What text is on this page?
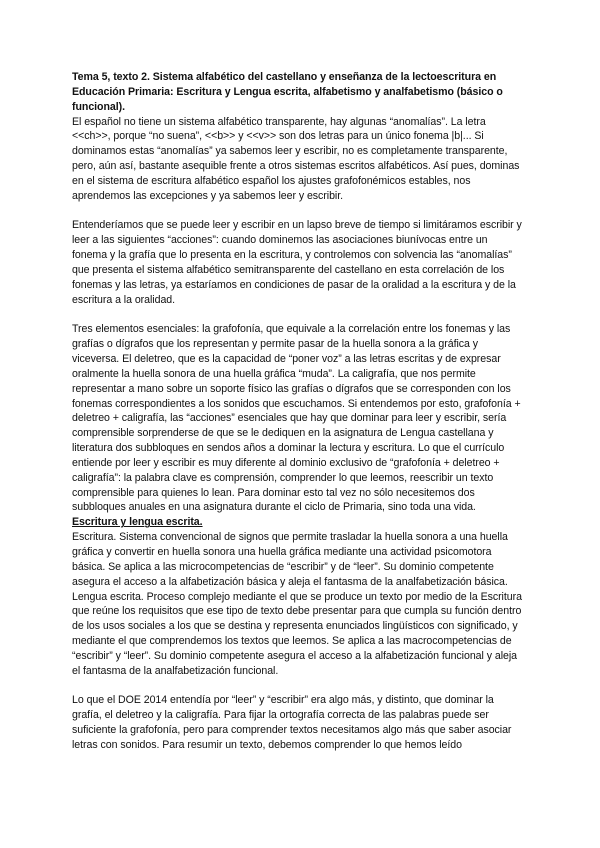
Tema 5, texto 2. Sistema alfabético del castellano y enseñanza de la lectoescritura en Educación Primaria: Escritura y Lengua escrita, alfabetismo y analfabetismo (básico o funcional).

El español no tiene un sistema alfabético transparente, hay algunas “anomalías”. La letra <<ch>>, porque “no suena”, <<b>> y <<v>> son dos letras para un único fonema |b|... Si dominamos estas “anomalías” ya sabemos leer y escribir, no es completamente transparente, pero, aún así, bastante asequible frente a otros sistemas escritos alfabéticos. Así pues, dominas en el sistema de escritura alfabético español los ajustes grafofonémicos estables, nos aprendemos las excepciones y ya sabemos leer y escribir.

Entenderíamos que se puede leer y escribir en un lapso breve de tiempo si limitáramos escribir y leer a las siguientes “acciones”: cuando dominemos las asociaciones biunívocas entre un fonema y la grafía que lo presenta en la escritura, y controlemos con solvencia las “anomalías” que presenta el sistema alfabético semitransparente del castellano en esta correlación de los fonemas y las letras, ya estaríamos en condiciones de pasar de la oralidad a la escritura y de la escritura a la oralidad.

Tres elementos esenciales: la grafofonía, que equivale a la correlación entre los fonemas y las grafías o dígrafos que los representan y permite pasar de la huella sonora a la gráfica y viceversa. El deletreo, que es la capacidad de “poner voz” a las letras escritas y de expresar oralmente la huella sonora de una huella gráfica “muda”. La caligrafía, que nos permite representar a mano sobre un soporte físico las grafías o dígrafos que se corresponden con los fonemas correspondientes a los sonidos que escuchamos. Si entendemos por esto, grafofonía + deletreo + caligrafía, las “acciones” esenciales que hay que dominar para leer y escribir, sería comprensible sorprenderse de que se le dediquen en la asignatura de Lengua castellana y literatura dos subbloques en sendos años a dominar la lectura y escritura. Lo que el currículo entiende por leer y escribir es muy diferente al dominio exclusivo de “grafofonía + deletreo + caligrafía”: la palabra clave es comprensión, comprender lo que leemos, reescribir un texto comprensible para quienes lo lean. Para dominar esto tal vez no sólo necesitemos dos subbloques anuales en una asignatura durante el ciclo de Primaria, sino toda una vida.

Escritura y lengua escrita.

Escritura. Sistema convencional de signos que permite trasladar la huella sonora a una huella gráfica y convertir en huella sonora una huella gráfica mediante una actividad psicomotora básica. Se aplica a las microcompetencias de “escribir” y de “leer”. Su dominio competente asegura el acceso a la alfabetización básica y aleja el fantasma de la analfabetización básica.

Lengua escrita. Proceso complejo mediante el que se produce un texto por medio de la Escritura que reúne los requisitos que ese tipo de texto debe presentar para que cumpla su función dentro de los usos sociales a los que se destina y representa enunciados lingüísticos con significado, y mediante el que comprendemos los textos que leemos. Se aplica a las macrocompetencias de “escribir” y “leer”. Su dominio competente asegura el acceso a la alfabetización funcional y aleja el fantasma de la analfabetización funcional.

Lo que el DOE 2014 entendía por “leer” y “escribir” era algo más, y distinto, que dominar la grafía, el deletreo y la caligrafía. Para fijar la ortografía correcta de las palabras puede ser suficiente la grafofonía, pero para comprender textos necesitamos algo más que saber asociar letras con sonidos. Para resumir un texto, debemos comprender lo que hemos leído
